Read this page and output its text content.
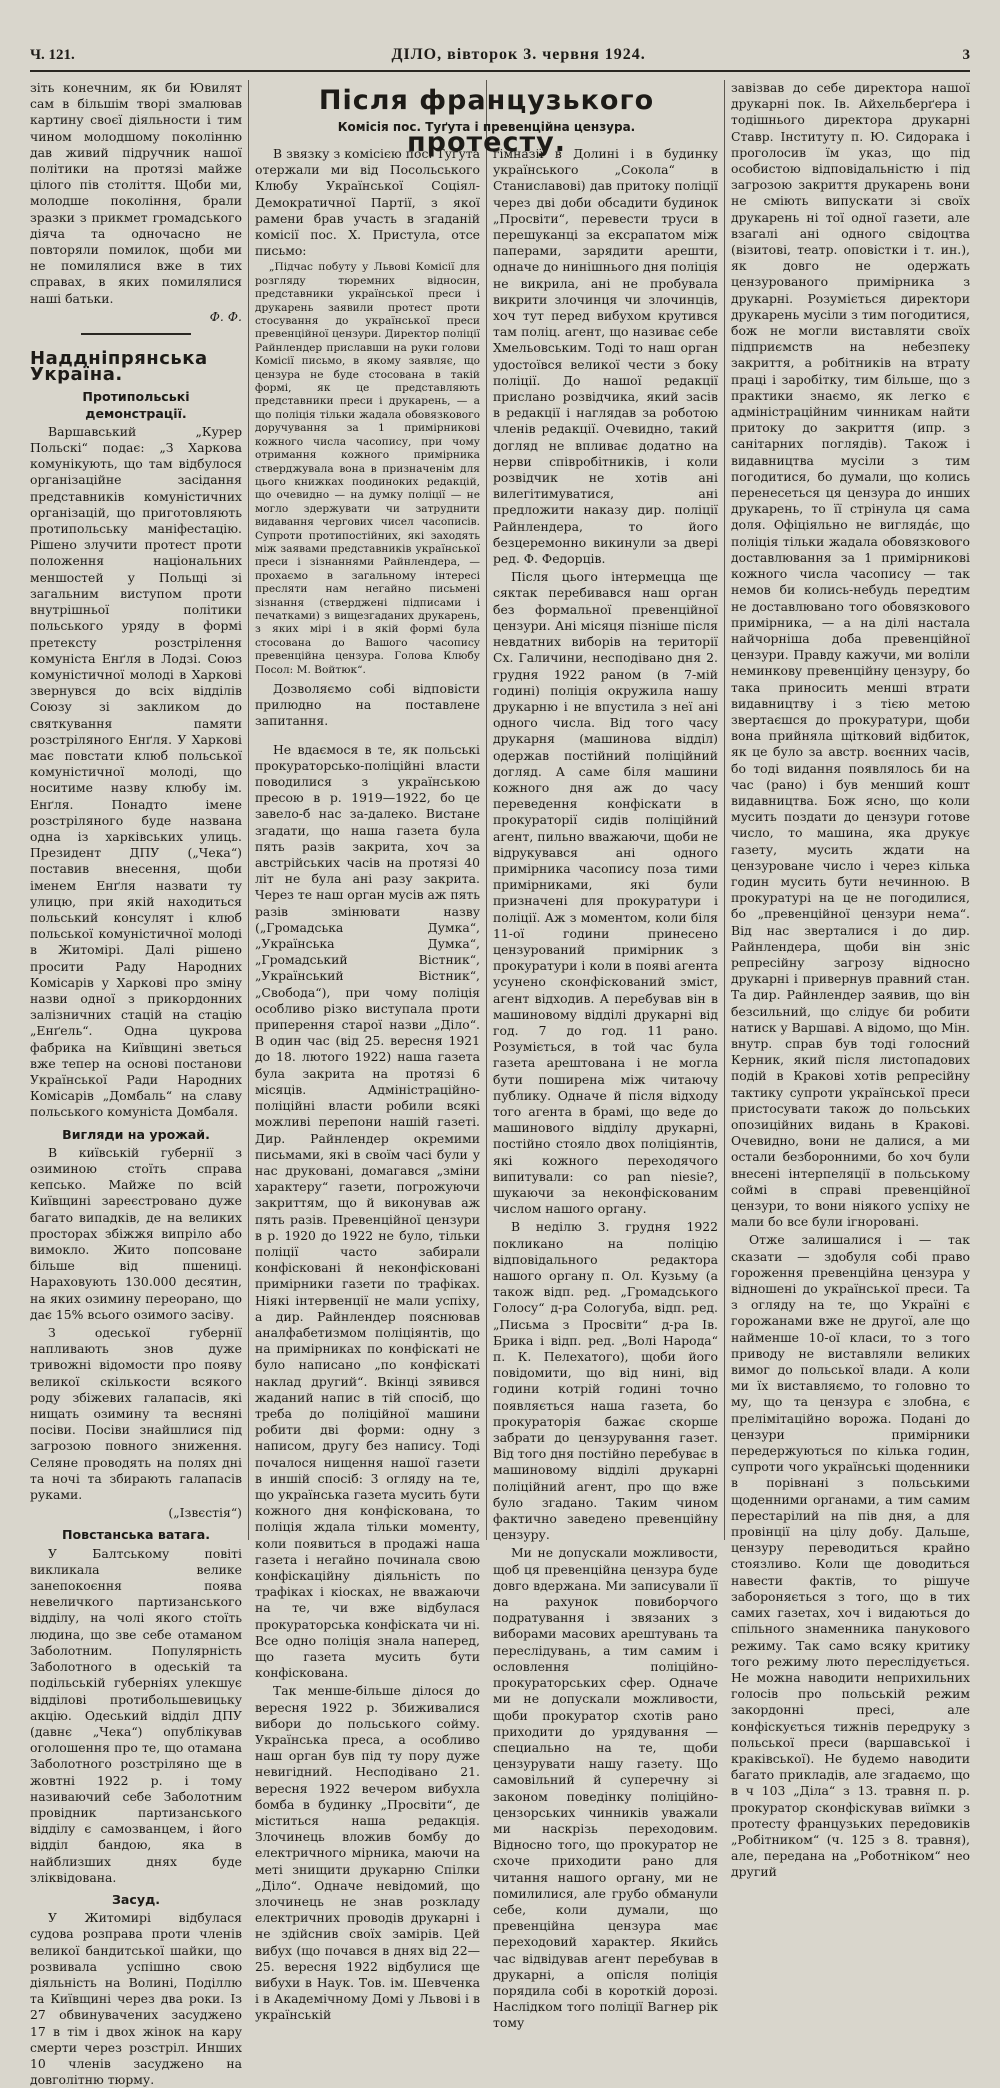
Ч. 121.	ДІЛО, вівторок 3. червня 1924.	3
Після французького протесту.
Комісія пос. Туґута і превенційна цензура.

зіть конечним, як би Ювилят сам в більшім творі змалював картину своєї діяльности і тим чином молодшому поколінню дав живий підручник нашої політики на протязі майже цілого пів століття. Щоби ми, молодше покоління, брали зразки з прикмет громадського діяча та одночасно не повторяли помилок, щоби ми не помилялися вже в тих справах, в яких помилялися наші батьки.

Ф. Ф.
Наддніпрянська Україна.
Протипольські демонстрації.

Варшавський „Курер Польскі“ подає: „З Харкова комунікують, що там відбулося організаційне засідання представників комуністичних організацій, що приготовляють протипольську маніфестацію. Рішено злучити протест проти положення національних меншостей у Польщі зі загальним виступом проти внутрішньої політики польського уряду в формі претексту розстрілення комуніста Енґля в Лодзі. Союз комуністичної молоді в Харкові звернувся до всіх відділів Союзу зі закликом до святкування памяти розстріляного Енґля. У Харкові має повстати клюб польської комуністичної молоді, що носитиме назву клюбу ім. Енґля. Понадто імене розстріляного буде названа одна із харківських улиць. Президент ДПУ („Чека“) поставив внесення, щоби іменем Енґля назвати ту улицю, при якій находиться польський консулят і клюб польської комуністичної молоді в Житомірі. Далі рішено просити Раду Народних Комісарів у Харкові про зміну назви одної з прикордонних залізничних стацій на стацію „Енґель“. Одна цукрова фабрика на Київщині зветься вже тепер на основі постанови Української Ради Народних Комісарів „Домбаль“ на славу польського комуніста Домбаля.

Вигляди на урожай.

В київській губернії з озиминою стоїть справа кепсько. Майже по всій Київщині зареєстровано дуже багато випадків, де на великих просторах збіжжя випріло або вимокло. Жито попсоване більше від пшениці. Нараховують 130.000 десятин, на яких озимину переорано, що дає 15% всього озимого засіву.

З одеської губернії напливають знов дуже тривожні відомости про появу великої скількости всякого роду збіжевих галапасів, які нищать озимину та весняні посіви. Посіви знайшлися під загрозою повного зниження. Селяне проводять на полях дні та ночі та збирають галапасів руками.

(„Ізвєстія“)
Повстанська ватага.

У Балтському повіті викликала велике занепокоєння поява невеличкого партизанського відділу, на чолі якого стоїть людина, що зве себе отаманом Заболотним. Популярність Заболотного в одеській та подільській губерніях улекшує відділові протибольшевицьку акцію. Одеський відділ ДПУ (давнє „Чека“) опублікував оголошення про те, що отамана Заболотного розстріляно ще в жовтні 1922 р. і тому називаючий себе Заболотним провідник партизанського відділу є самозванцем, і його відділ бандою, яка в найблизших днях буде зліквідована.

Засуд.

У Житомирі відбулася судова розправа проти членів великої бандитської шайки, що розвивала успішно свою діяльність на Волині, Поділлю та Київщині через два роки. Із 27 обвинувачених засуджено 17 в тім і двох жінок на кару смерти через розстріл. Инших 10 членів засуджено на довголітню тюрму.

В звязку з комісією пос. Туґута отержали ми від Посольського Клюбу Української Соціял-Демократичної Партії, з якої рамени брав участь в згаданій комісії пос. Х. Пристула, отсе письмо:

„Підчас побуту у Львові Комісії для розгляду тюремних відносин, представники української преси і друкарень заявили протест проти стосування до української преси превенційної цензури. Директор поліції Райнлендер приславши на руки голови Комісії письмо, в якому заявляє, що цензура не буде стосована в такій формі, як це представляють представники преси і друкарень, — а що поліція тільки жадала обовязкового доручування за 1 примірникові кожного числа часопису, при чому отримання кожного примірника стверджувала вона в призначенім для цього книжках поодиноких редакцій, що очевидно — на думку поліції — не могло здержувати чи затруднити видавання чергових чисел часописів. Супроти протипостійних, які заходять між заявами представників української преси і зізнаннями Райнлендера, — прохаємо в загальному інтересі пресляти нам негайно письмені зізнання (стверджені підписами і печатками) з вищезгаданих друкарень, з яких мірі і в якій формі була стосована до Вашого часопису превенційна цензура. Голова Клюбу Посол: М. Войтюк“.

Дозволяємо собі відповісти прилюдно на поставлене запитання.

Не вдаємося в те, як польські прокураторсько-поліційні власти поводилися з українською пресою в р. 1919—1922, бо це завело-б нас за-далеко. Вистане згадати, що наша газета була пять разів закрита, хоч за австрійських часів на протязі 40 літ не була ані разу закрита. Через те наш орган мусів аж пять разів змінювати назву („Громадська Думка“, „Українська Думка“, „Громадський Вістник“, „Український Вістник“, „Свобода“), при чому поліція особливо різко виступала проти приперення старої назви „Діло“. В один час (від 25. вересня 1921 до 18. лютого 1922) наша газета була закрита на протязі 6 місяців. Адміністраційно-поліційні власти робили всякі можливі перепони нашій газеті. Дир. Райнлендер окремими письмами, які в своїм часі були у нас друковані, домагався „зміни характеру“ газети, погрожуючи закриттям, що й виконував аж пять разів. Превенційної цензури в р. 1920 до 1922 не було, тільки поліції часто забирали конфісковані й неконфісковані примірники газети по трафіках. Ніякі інтервенції не мали успіху, а дир. Райнлендер пояснював аналфабетизмом поліціянтів, що на примірниках по конфіскаті не було написано „по конфіскаті наклад другий“. Вкінці зявився жаданий напис в тій спосіб, що треба до поліційної машини робити дві форми: одну з написом, другу без напису. Тоді почалося нищення нашої газети в иншій спосіб: 3 огляду на те, що українська газета мусить бути кожного дня конфіскована, то поліція ждала тільки моменту, коли появиться в продажі наша газета і негайно починала свою конфіскаційну діяльність по трафіках і кіосках, не вважаючи на те, чи вже відбулася прокураторська конфіската чи ні. Все одно поліція знала наперед, що газета мусить бути конфіскована.

Так менше-більше ділося до вересня 1922 р. Збиживалися вибори до польського сойму. Українська преса, а особливо наш орган був під ту пору дуже невигідний. Несподівано 21. вересня 1922 вечером вибухла бомба в будинку „Просвіти“, де міститься наша редакція. Злочинець вложив бомбу до електричного мірника, маючи на меті знищити друкарню Спілки „Діло“. Одначе невідомий, що злочинець не знав розкладу електричних проводів друкарні і не здійснив своїх замірів. Цей вибух (що почався в днях від 22—25. вересня 1922 відбулися ще вибухи в Наук. Тов. ім. Шевченка і в Академічному Домі у Львові і в українській

гімназії в Долині і в будинку українського „Сокола“ в Станиславові) дав притоку поліції через дві доби обсадити будинок „Просвіти“, перевести труси в перешуканці за ексрапатом між паперами, зарядити арешти, одначе до нинішнього дня поліція не викрила, ані не пробувала викрити злочинця чи злочинців, хоч тут перед вибухом крутився там поліц. агент, що називає себе Хмельовським. Тоді то наш орган удостоївся великої чести з боку поліції. До нашої редакції прислано розвідчика, який засів в редакції і наглядав за роботою членів редакції. Очевидно, такий догляд не впливає додатно на нерви співробітників, і коли розвідчик не хотів ані вилегітимуватися, ані предложити наказу дир. поліції Райнлендера, то його безцеремонно викинули за двері ред. Ф. Федорців.

Після цього інтермецца ще сяктак перебивався наш орган без формальної превенційної цензури. Ані місяця пізніше після невдатних виборів на території Сх. Галичини, несподівано дня 2. грудня 1922 раном (в 7-мій годині) поліція окружила нашу друкарню і не впустила з неї ані одного числа. Від того часу друкарня (машинова відділ) одержав постійний поліційний догляд. А саме біля машини кожного дня аж до часу переведення конфіскати в прокураторії сидів поліційний агент, пильно вважаючи, щоби не відрукувався ані одного примірника часопису поза тими примірниками, які були призначені для прокуратури і поліції. Аж з моментом, коли біля 11-ої години принесено цензурований примірник з прокуратури і коли в появі агента усунено сконфіскований зміст, агент відходив. А перебував він в машиновому відділі друкарні від год. 7 до год. 11 рано. Розуміється, в той час була газета арештована і не могла бути поширена між читаючу публику. Одначе й після відходу того агента в брамі, що веде до машинового відділу друкарні, постійно стояло двох поліціянтів, які кожного переходячого випитували: co pan niesie?, шукаючи за неконфіскованим числом нашого органу.

В неділю 3. грудня 1922 покликано на поліцію відповідального редактора нашого органу п. Ол. Кузьму (а також відп. ред. „Громадського Голосу“ д-ра Сологуба, відп. ред. „Письма з Просвіти“ д-ра Ів. Брика і відп. ред. „Волі Народа“ п. К. Пелехатого), щоби його повідомити, що від нині, від години котрій годині точно появляється наша газета, бо прокураторія бажає скорше забрати до цензурування газет. Від того дня постійно перебуває в машиновому відділі друкарні поліційний агент, про що вже було згадано. Таким чином фактично заведено превенційну цензуру.

Ми не допускали можливости, щоб ця превенційна цензура буде довго вдержана. Ми записували її на рахунок повиборчого подратування і звязаних з виборами масових арештувань та переслідувань, а тим самим і ословлення поліційно-прокураторських сфер. Одначе ми не допускали можливости, щоби прокуратор схотів рано приходити до урядування — специально на те, щоби цензурувати нашу газету. Що самовільний й суперечну зі законом поведінку поліційно-цензорських чинників уважали ми наскрізь переходовим. Відносно того, що прокуратор не схоче приходити рано для читання нашого органу, ми не помилилися, але грубо обманули себе, коли думали, що превенційна цензура має переходовий характер. Якийсь час відвідував агент перебував в друкарні, а опісля поліція порядила собі в короткій дорозі. Наслідком того поліції Вагнер рік тому

завізвав до себе директора нашої друкарні пок. Ів. Айхельберґера і тодішнього директора друкарні Ставр. Інституту п. Ю. Сидорака і проголосив їм указ, що під особистою відповідальністю і під загрозою закриття друкарень вони не сміють випускати зі своїх друкарень ні тої одної газети, але взагалі ані одного свідоцтва (візитові, театр. оповістки і т. ин.), як довго не одержать цензурованого примірника з друкарні. Розуміється директори друкарень мусіли з тим погодитися, бож не могли виставляти своїх підприємств на небезпеку закриття, а робітників на втрату праці і заробітку, тим більше, що з практики знаємо, як легко є адміністраційним чинникам найти притоку до закриття (ипр. з санітарних поглядів). Також і видавництва мусіли з тим погодитися, бо думали, що колись перенесеться ця цензура до инших друкарень, то її стрінула ця сама доля. Офіціяльно не вигляда́є, що поліція тільки жадала обовязкового доставлювання за 1 примірникові кожного числа часопису — так немов би колись-небудь передтим не доставлювано того обовязкового примірника, — а на ділі настала найчорніша доба превенційної цензури. Правду кажучи, ми воліли неминкову превенційну цензуру, бо така приносить менші втрати видавництву і з тією метою звертаєшся до прокуратури, щоби вона прийняла щітковий відбиток, як це було за австр. воєнних часів, бо тоді видання появлялось би на час (рано) і був менший кошт видавництва. Бож ясно, що коли мусить поздати до цензури готове число, то машина, яка друкує газету, мусить ждати на цензуроване число і через кілька годин мусить бути нечинною. В прокуратурі на це не погодилися, бо „превенційної цензури нема“. Від нас зверталися і до дир. Райнлендера, щоби він зніс репресійну загрозу відносно друкарні і привернув правний стан. Та дир. Райнлендер заявив, що він безсильний, що слідує би робити натиск у Варшаві. А відомо, що Мін. внутр. справ був тоді голосний Керник, який після листопадових подій в Кракові хотів репресійну тактику супроти української преси пристосувати також до польських опозиційних видань в Кракові. Очевидно, вони не далися, а ми остали безборонними, бо хоч були внесені інтерпеляції в польському соймі в справі превенційної цензури, то вони ніякого успіху не мали бо все були ігноровані.

Отже залишалися і — так сказати — здобуля собі право гороження превенційна цензура у відношені до української преси. Та з огляду на те, що Україні є горожанами вже не другої, але що найменше 10-ої класи, то з того приводу не виставляли великих вимог до польської влади. А коли ми їх виставляємо, то головно то му, що та цензура є злобна, є прелімітаційно ворожа. Подані до цензури примірники передержуються по кілька годин, супроти чого українські щоденники в порівнані з польськими щоденними органами, а тим самим перестарілий на пів дня, а для провінції на цілу добу. Дальше, цензуру переводиться крайно стоязливо. Коли ще доводиться навести фактів, то рішуче забороняється з того, що в тих самих газетах, хоч і видаються до спільного знаменника панукового режиму. Так само всяку критику того режиму люто переслідується. Не можна наводити неприхильних голосів про польській режим закордонні пресі, але конфіскується тижнів передруку з польської преси (варшавської і краківської). Не будемо наводити багато прикладів, але згадаємо, що в ч 103 „Діла“ з 13. травня п. р. прокуратор сконфіскував виїмки з протесту французьких передовиків „Робітником“ (ч. 125 з 8. травня), але, передана на „Роботніком“ нео другий
